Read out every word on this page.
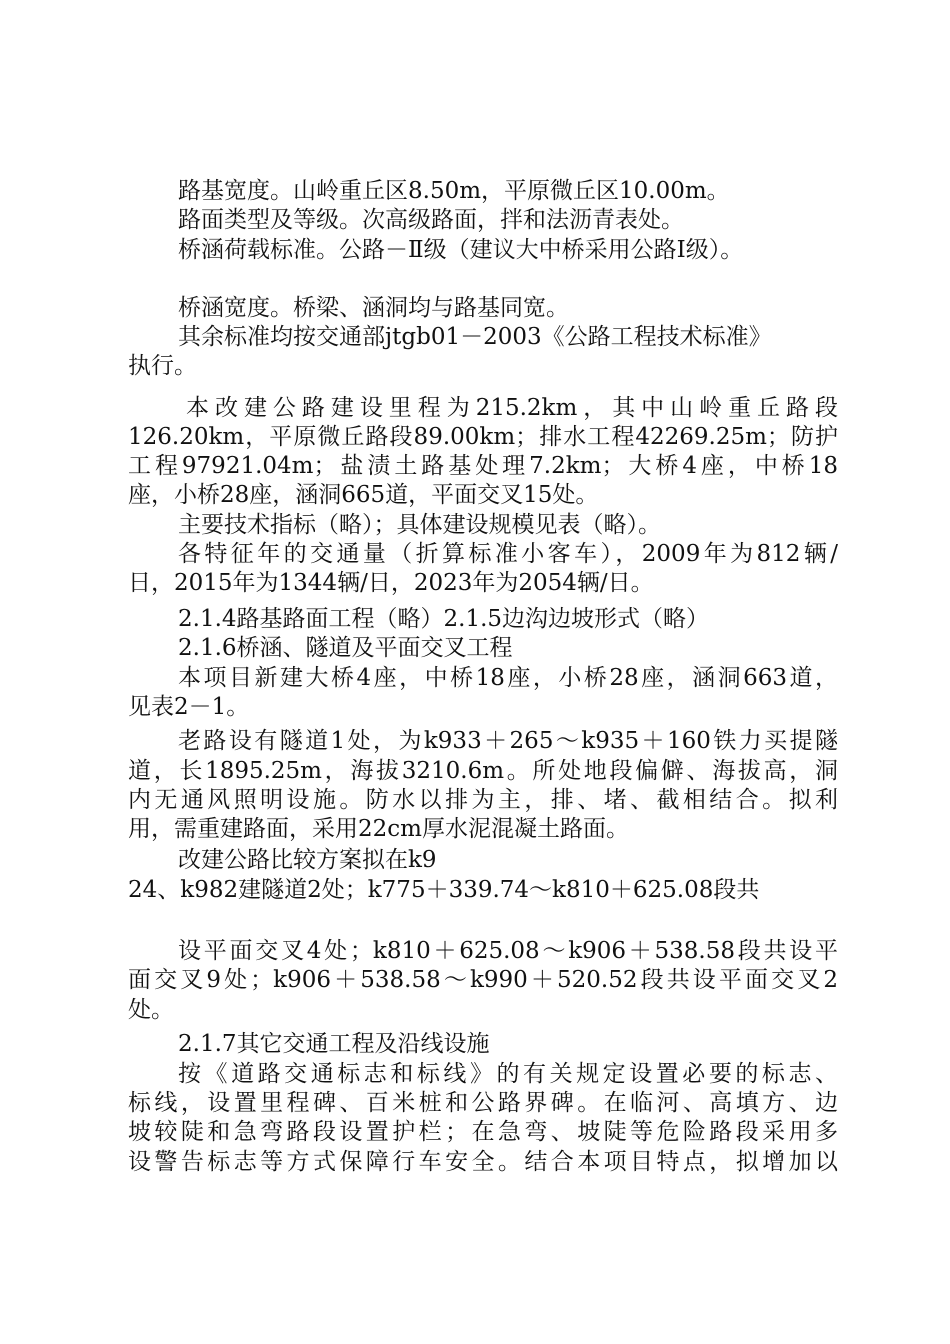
路基宽度。山岭重丘区8.50m，平原微丘区10.00m。
路面类型及等级。次高级路面，拌和法沥青表处。
桥涵荷载标准。公路－Ⅱ级（建议大中桥采用公路Ⅰ级）。
桥涵宽度。桥梁、涵洞均与路基同宽。
其余标准均按交通部jtgb01－2003《公路工程技术标准》
执行。
本改建公路建设里程为215.2km，其中山岭重丘路段
126.20km，平原微丘路段89.00km；排水工程42269.25m；防护
工程97921.04m；盐渍土路基处理7.2km；大桥4座，中桥18
座，小桥28座，涵洞665道，平面交叉15处。
主要技术指标（略）；具体建设规模见表（略）。
各特征年的交通量（折算标准小客车），2009年为812辆/
日，2015年为1344辆/日，2023年为2054辆/日。
2.1.4路基路面工程（略）2.1.5边沟边坡形式（略）
2.1.6桥涵、隧道及平面交叉工程
本项目新建大桥4座，中桥18座，小桥28座，涵洞663道，
见表2－1。
老路设有隧道1处，为k933＋265～k935＋160铁力买提隧
道，长1895.25m，海拔3210.6m。所处地段偏僻、海拔高，洞
内无通风照明设施。防水以排为主，排、堵、截相结合。拟利
用，需重建路面，采用22cm厚水泥混凝土路面。
改建公路比较方案拟在k9
24、k982建隧道2处；k775＋339.74～k810＋625.08段共
设平面交叉4处；k810＋625.08～k906＋538.58段共设平
面交叉9处；k906＋538.58～k990＋520.52段共设平面交叉2
处。
2.1.7其它交通工程及沿线设施
按《道路交通标志和标线》的有关规定设置必要的标志、
标线，设置里程碑、百米桩和公路界碑。在临河、高填方、边
坡较陡和急弯路段设置护栏；在急弯、坡陡等危险路段采用多
设警告标志等方式保障行车安全。结合本项目特点，拟增加以
